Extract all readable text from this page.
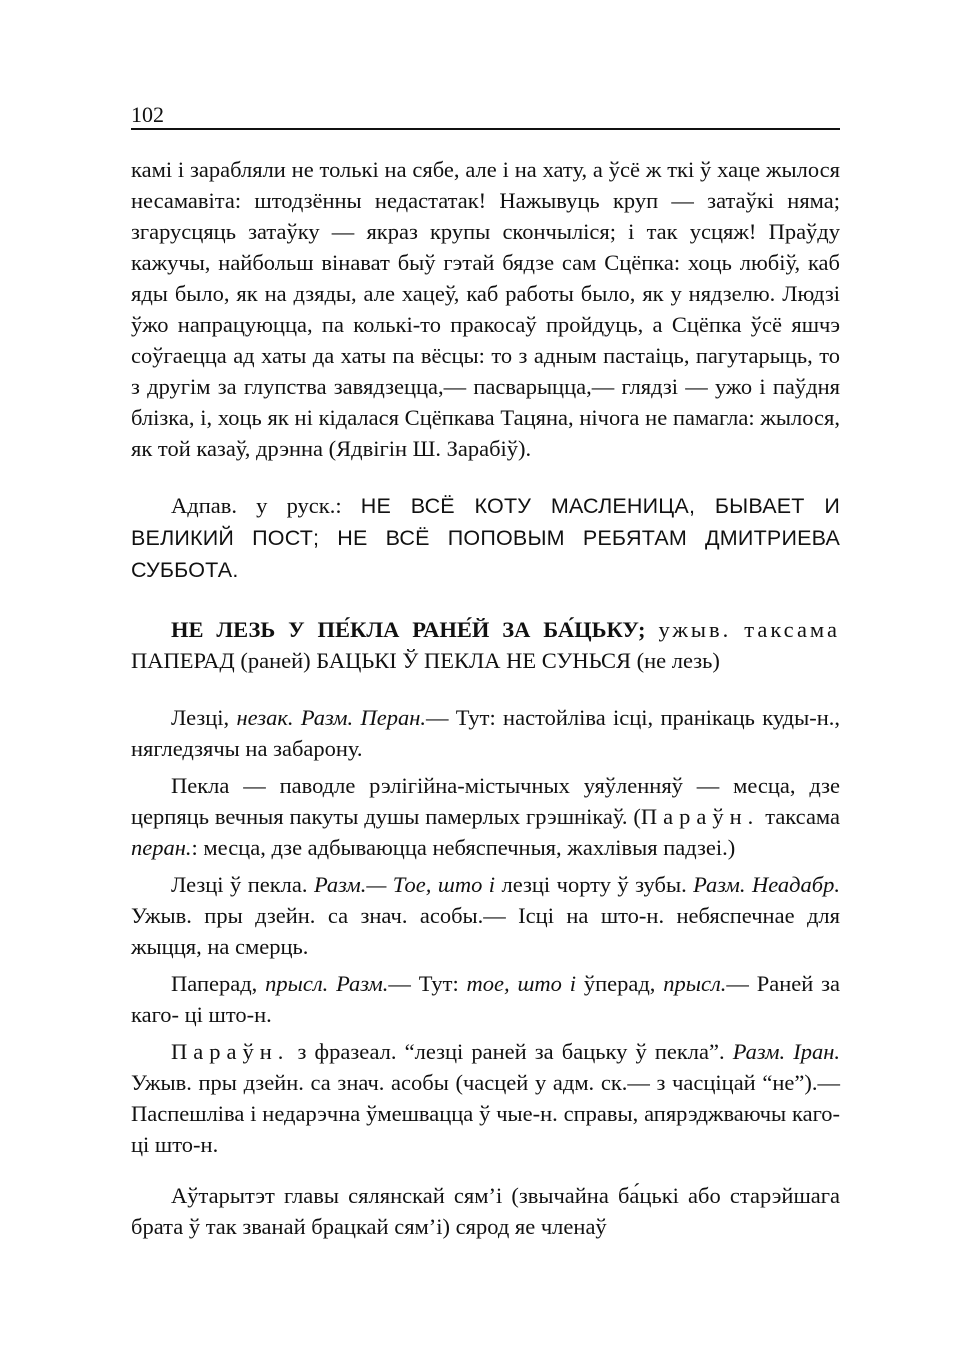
102

камі і зарабляли не толькі на сябе, але і на хату, а ўсё ж ткі ў хаце жылося несамавіта: штодзённы недастатак! Нажывуць круп — затаўкі няма; згарусцяць затаўку — якраз крупы скончыліся; і так усцяж! Праўду кажучы, найбольш вінават быў гэтай бядзе сам Сцёпка: хоць любіў, каб яды было, як на дзяды, але хацеў, каб работы было, як у нядзелю. Людзі ўжо напрацуюцца, па колькі-то пракосаў пройдуць, а Сцёпка ўсё яшчэ соўгаецца ад хаты да хаты па вёсцы: то з адным пастаіць, пагутарыць, то з другім за глупства завядзецца,— пасварыцца,— глядзі — ужо і паўдня блізка, і, хоць як ні кідалася Сцёпкава Тацяна, нічога не памагла: жылося, як той казаў, дрэнна (Ядвігін Ш. Зарабіў).

Адпав. у руск.: НЕ ВСЁ КОТУ МАСЛЕНИЦА, БЫВАЕТ И ВЕЛИКИЙ ПОСТ; НЕ ВСЁ ПОПОВЫМ РЕБЯТАМ ДМИТРИЕВА СУББОТА.

НЕ ЛЕЗЬ У ПЕ́КЛА РАНЕ́Й ЗА БА́ЦЬКУ; ужыв. таксама ПАПЕРАД (раней) БАЦЬКІ Ў ПЕКЛА НЕ СУНЬСЯ (не лезь)

Лезці, незак. Разм. Перан.— Тут: настойліва ісці, пранікаць куды-н., нягледзячы на забарону.

Пекла — паводле рэлігійна-містычных уяўленняў — месца, дзе церпяць вечныя пакуты душы памерлых грэшнікаў. (Параўн. таксама перан.: месца, дзе адбываюцца небяспечныя, жахлівыя падзеі.)

Лезці ў пекла. Разм.— Тое, што і лезці чорту ў зубы. Разм. Неадабр. Ужыв. пры дзейн. са знач. асобы.— Ісці на што-н. небяспечнае для жыцця, на смерць.

Паперад, прысл. Разм.— Тут: тое, што і ўперад, прысл.— Раней за каго- ці што-н.

Параўн. з фразеал. “лезці раней за бацьку ў пекла”. Разм. Іран. Ужыв. пры дзейн. са знач. асобы (часцей у адм. ск.— з часціцай “не”).— Паспешліва і недарэчна ўмешвацца ў чые-н. справы, апярэджваючы каго- ці што-н.

Аўтарытэт главы сялянскай сям’і (звычайна ба́цькі або старэйшага брата ў так званай брацкай сям’і) сярод яе членаў
